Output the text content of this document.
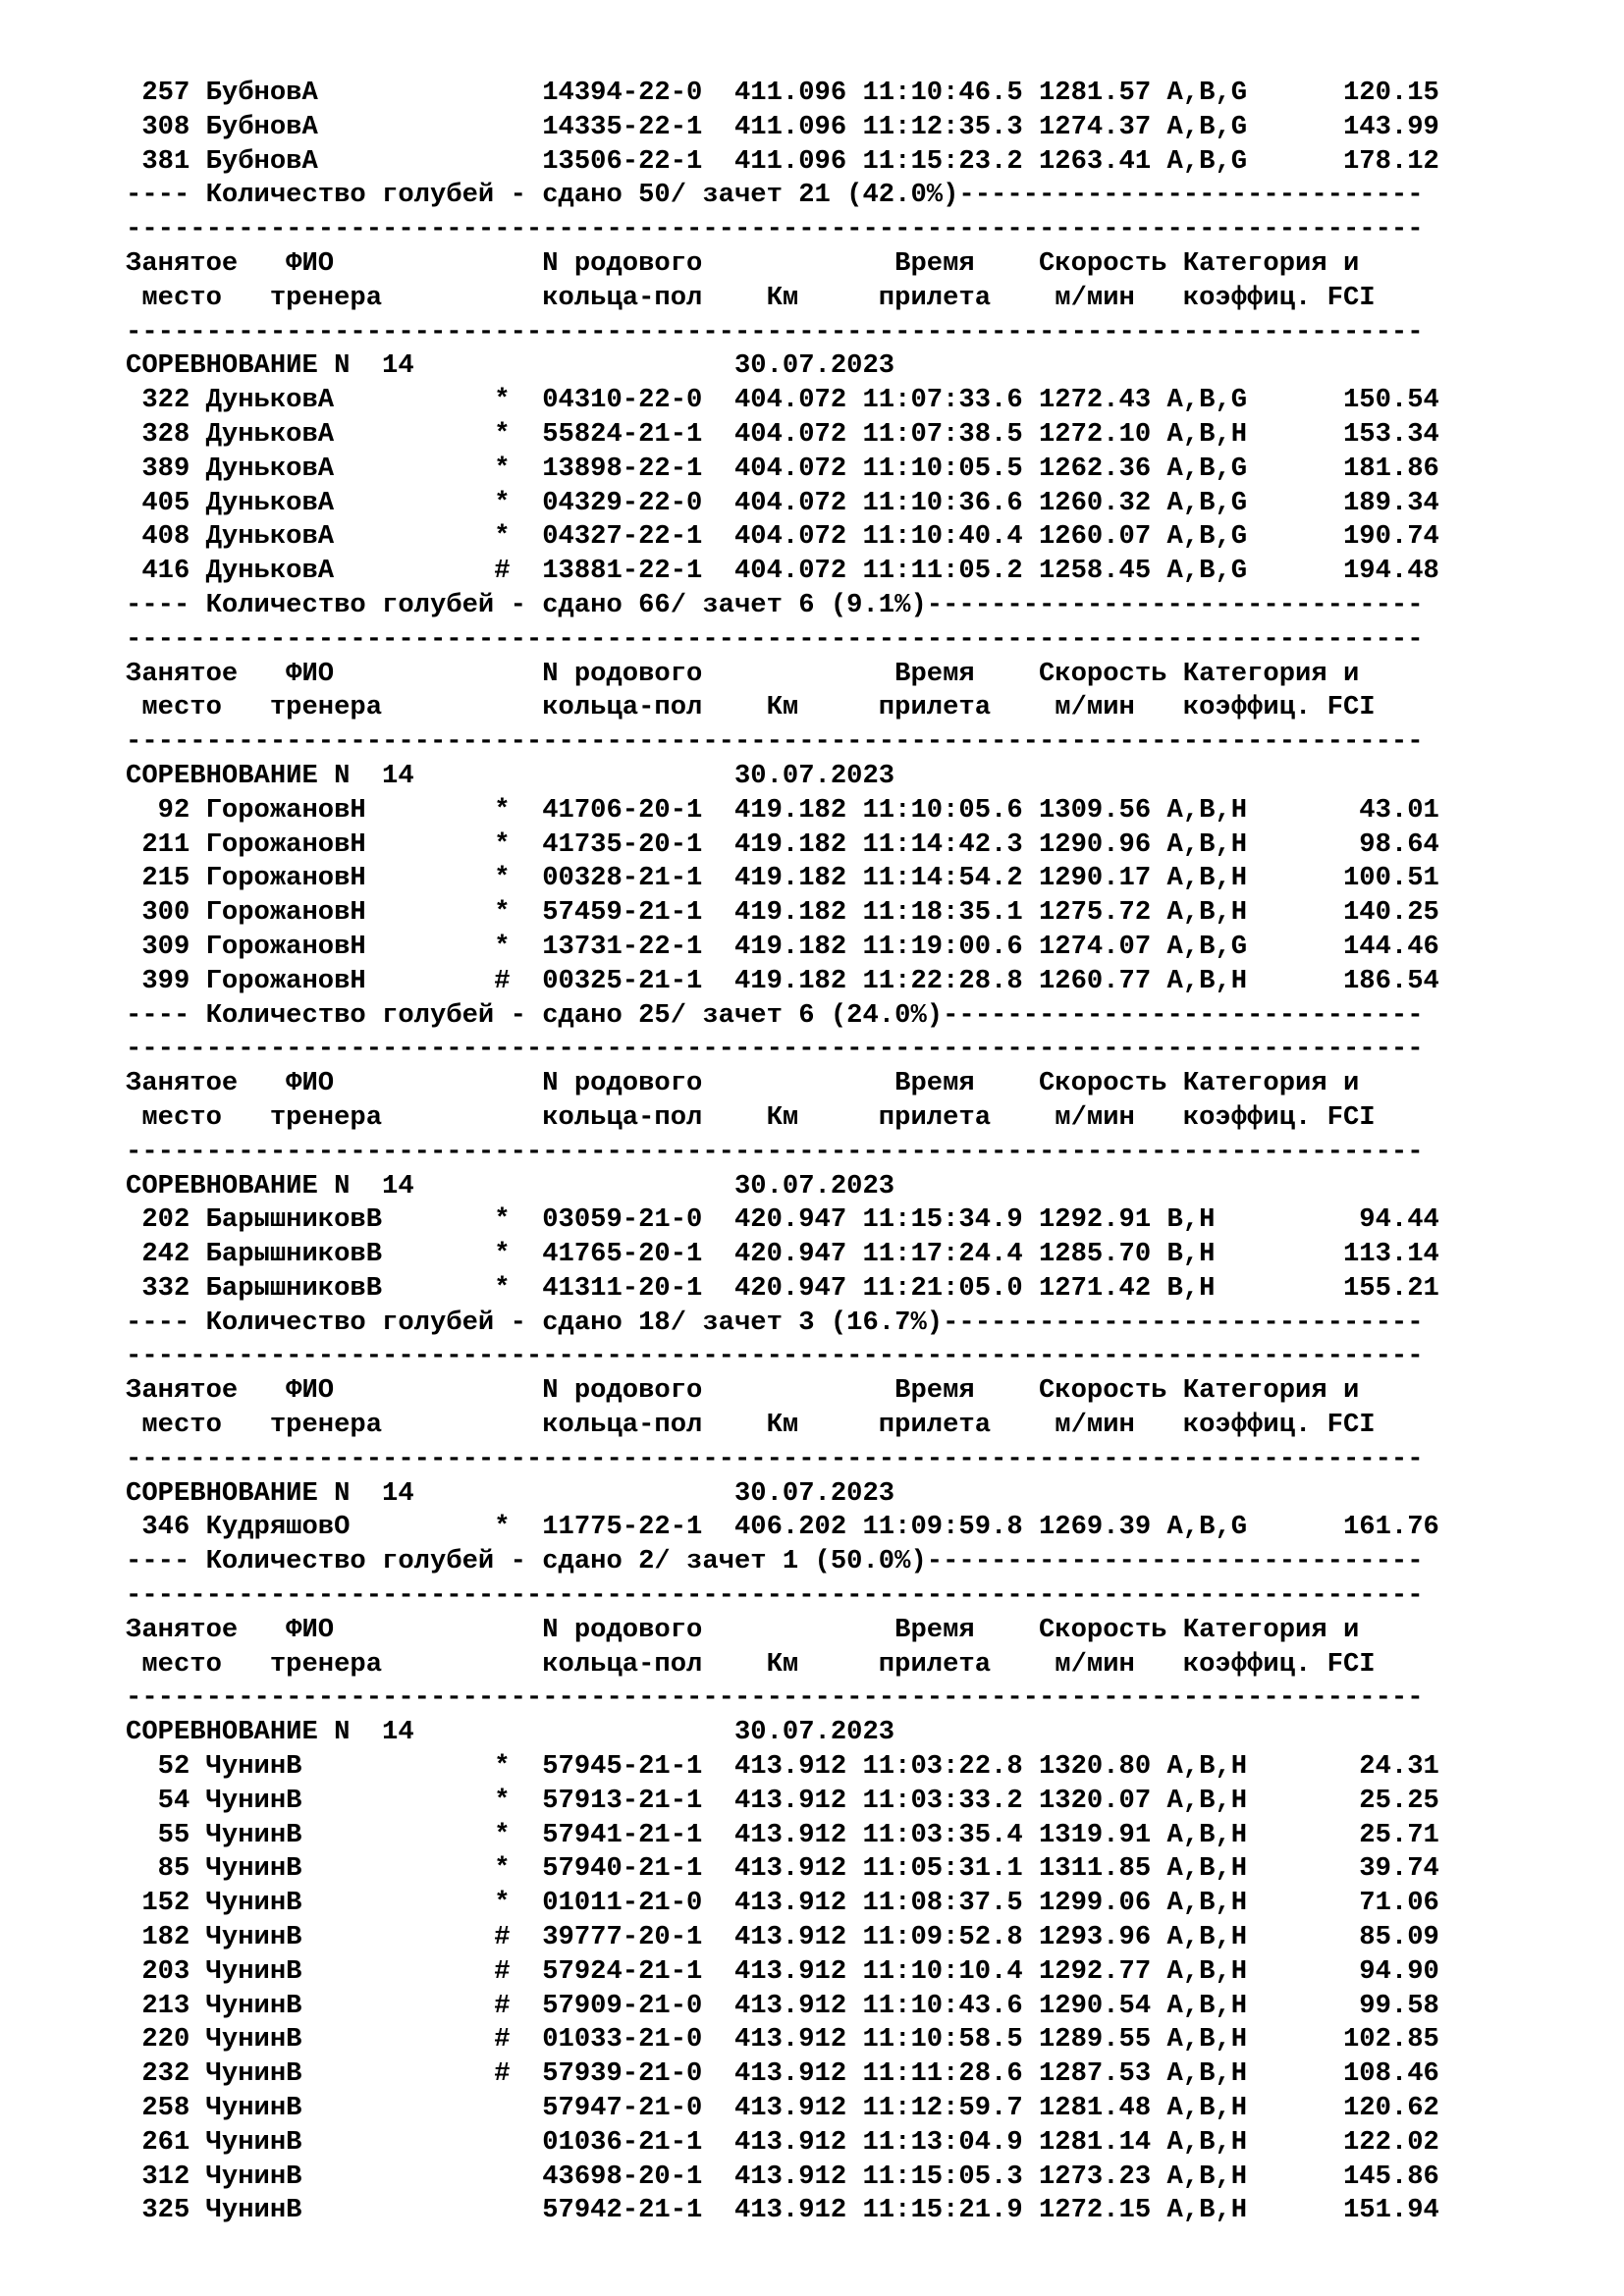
257 БубновА              14394-22-0  411.096 11:10:46.5 1281.57 A,B,G      120.15
308 БубновА              14335-22-1  411.096 11:12:35.3 1274.37 A,B,G      143.99
381 БубновА              13506-22-1  411.096 11:15:23.2 1263.41 A,B,G      178.12
---- Количество голубей - сдано 50/ зачет 21 (42.0%)-----------------------------
---------------------------------------------------------------------------------
Занятое   ФИО             N родового            Время    Скорость Категория и
место   тренера          кольца-пол    Км     прилета    м/мин   коэффиц. FCI
---------------------------------------------------------------------------------
СОРЕВНОВАНИЕ N  14                    30.07.2023
322 ДуньковА          *  04310-22-0  404.072 11:07:33.6 1272.43 A,B,G      150.54
328 ДуньковА          *  55824-21-1  404.072 11:07:38.5 1272.10 A,B,H      153.34
389 ДуньковА          *  13898-22-1  404.072 11:10:05.5 1262.36 A,B,G      181.86
405 ДуньковА          *  04329-22-0  404.072 11:10:36.6 1260.32 A,B,G      189.34
408 ДуньковА          *  04327-22-1  404.072 11:10:40.4 1260.07 A,B,G      190.74
416 ДуньковА          #  13881-22-1  404.072 11:11:05.2 1258.45 A,B,G      194.48
---- Количество голубей - сдано 66/ зачет 6 (9.1%)-------------------------------
---------------------------------------------------------------------------------
Занятое   ФИО             N родового            Время    Скорость Категория и
место   тренера          кольца-пол    Км     прилета    м/мин   коэффиц. FCI
---------------------------------------------------------------------------------
СОРЕВНОВАНИЕ N  14                    30.07.2023
92 ГорожановН        *  41706-20-1  419.182 11:10:05.6 1309.56 A,B,H       43.01
211 ГорожановН        *  41735-20-1  419.182 11:14:42.3 1290.96 A,B,H       98.64
215 ГорожановН        *  00328-21-1  419.182 11:14:54.2 1290.17 A,B,H      100.51
300 ГорожановН        *  57459-21-1  419.182 11:18:35.1 1275.72 A,B,H      140.25
309 ГорожановН        *  13731-22-1  419.182 11:19:00.6 1274.07 A,B,G      144.46
399 ГорожановН        #  00325-21-1  419.182 11:22:28.8 1260.77 A,B,H      186.54
---- Количество голубей - сдано 25/ зачет 6 (24.0%)------------------------------
---------------------------------------------------------------------------------
Занятое   ФИО             N родового            Время    Скорость Категория и
место   тренера          кольца-пол    Км     прилета    м/мин   коэффиц. FCI
---------------------------------------------------------------------------------
СОРЕВНОВАНИЕ N  14                    30.07.2023
202 БарышниковВ       *  03059-21-0  420.947 11:15:34.9 1292.91 B,H         94.44
242 БарышниковВ       *  41765-20-1  420.947 11:17:24.4 1285.70 B,H        113.14
332 БарышниковВ       *  41311-20-1  420.947 11:21:05.0 1271.42 B,H        155.21
---- Количество голубей - сдано 18/ зачет 3 (16.7%)------------------------------
---------------------------------------------------------------------------------
Занятое   ФИО             N родового            Время    Скорость Категория и
место   тренера          кольца-пол    Км     прилета    м/мин   коэффиц. FCI
---------------------------------------------------------------------------------
СОРЕВНОВАНИЕ N  14                    30.07.2023
346 КудряшовО         *  11775-22-1  406.202 11:09:59.8 1269.39 A,B,G      161.76
---- Количество голубей - сдано 2/ зачет 1 (50.0%)-------------------------------
---------------------------------------------------------------------------------
Занятое   ФИО             N родового            Время    Скорость Категория и
место   тренера          кольца-пол    Км     прилета    м/мин   коэффиц. FCI
---------------------------------------------------------------------------------
СОРЕВНОВАНИЕ N  14                    30.07.2023
52 ЧунинВ            *  57945-21-1  413.912 11:03:22.8 1320.80 A,B,H       24.31
54 ЧунинВ            *  57913-21-1  413.912 11:03:33.2 1320.07 A,B,H       25.25
55 ЧунинВ            *  57941-21-1  413.912 11:03:35.4 1319.91 A,B,H       25.71
85 ЧунинВ            *  57940-21-1  413.912 11:05:31.1 1311.85 A,B,H       39.74
152 ЧунинВ            *  01011-21-0  413.912 11:08:37.5 1299.06 A,B,H       71.06
182 ЧунинВ            #  39777-20-1  413.912 11:09:52.8 1293.96 A,B,H       85.09
203 ЧунинВ            #  57924-21-1  413.912 11:10:10.4 1292.77 A,B,H       94.90
213 ЧунинВ            #  57909-21-0  413.912 11:10:43.6 1290.54 A,B,H       99.58
220 ЧунинВ            #  01033-21-0  413.912 11:10:58.5 1289.55 A,B,H      102.85
232 ЧунинВ            #  57939-21-0  413.912 11:11:28.6 1287.53 A,B,H      108.46
258 ЧунинВ               57947-21-0  413.912 11:12:59.7 1281.48 A,B,H      120.62
261 ЧунинВ               01036-21-1  413.912 11:13:04.9 1281.14 A,B,H      122.02
312 ЧунинВ               43698-20-1  413.912 11:15:05.3 1273.23 A,B,H      145.86
325 ЧунинВ               57942-21-1  413.912 11:15:21.9 1272.15 A,B,H      151.94
